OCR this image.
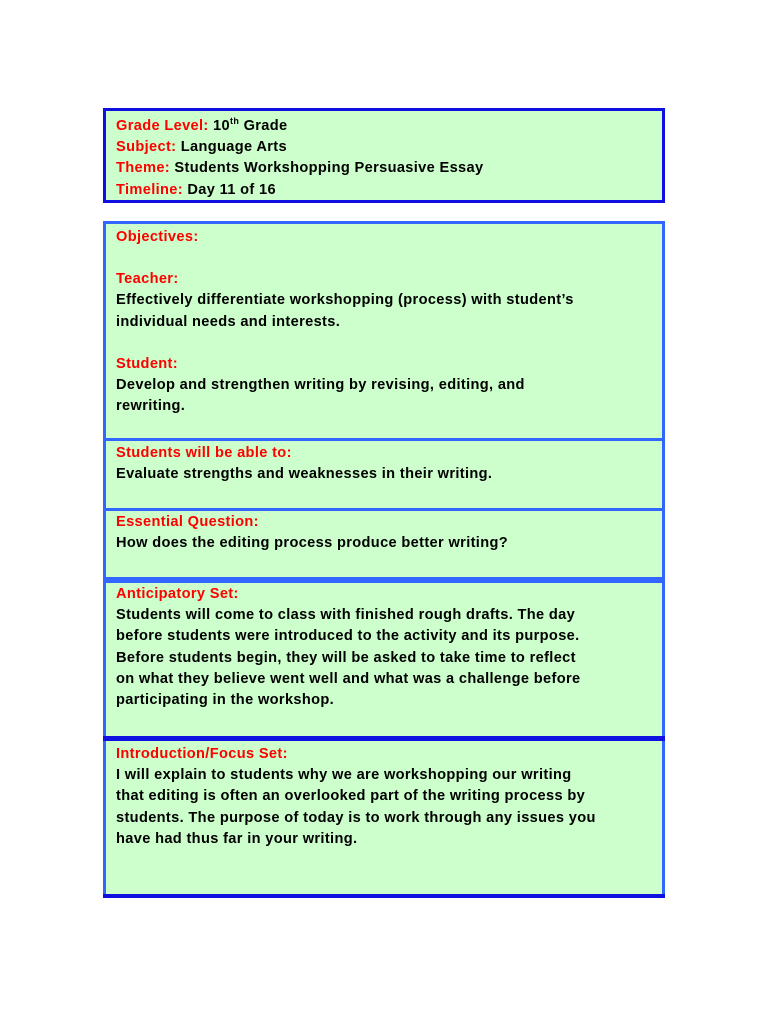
Grade Level: 10th Grade
Subject: Language Arts
Theme: Students Workshopping Persuasive Essay
Timeline: Day 11 of 16
Objectives:
Teacher:
Effectively differentiate workshopping (process) with student’s
individual needs and interests.
Student:
Develop and strengthen writing by revising, editing, and
rewriting.
Students will be able to:
Evaluate strengths and weaknesses in their writing.
Essential Question:
How does the editing process produce better writing?
Anticipatory Set:
Students will come to class with finished rough drafts. The day
before students were introduced to the activity and its purpose.
Before students begin, they will be asked to take time to reflect
on what they believe went well and what was a challenge before
participating in the workshop.
Introduction/Focus Set:
I will explain to students why we are workshopping our writing
that editing is often an overlooked part of the writing process by
students. The purpose of today is to work through any issues you
have had thus far in your writing.
